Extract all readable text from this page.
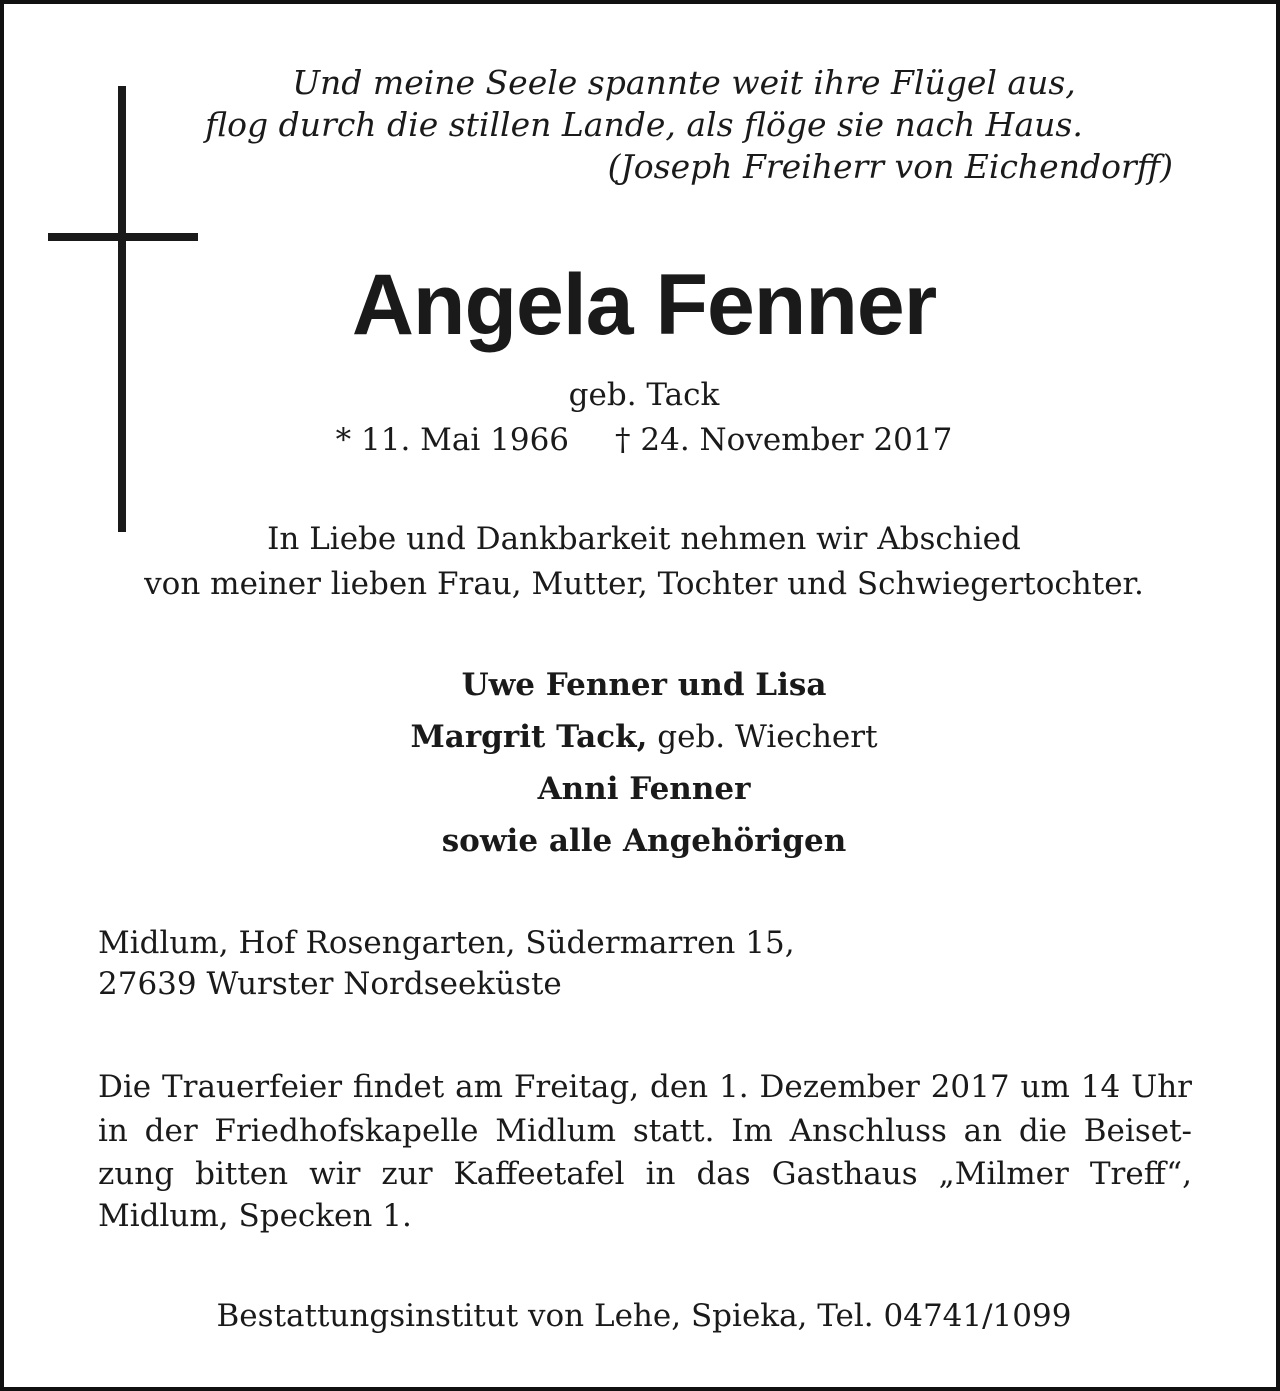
Und meine Seele spannte weit ihre Flügel aus,

flog durch die stillen Lande, als flöge sie nach Haus.

(Joseph Freiherr von Eichendorff)

Angela Fenner

geb. Tack

* 11. Mai 1966 † 24. November 2017

In Liebe und Dankbarkeit nehmen wir Abschied

von meiner lieben Frau, Mutter, Tochter und Schwiegertochter.

Uwe Fenner und Lisa

Margrit Tack, geb. Wiechert

Anni Fenner

sowie alle Angehörigen

Midlum, Hof Rosengarten, Südermarren 15,

27639 Wurster Nordseeküste

Die Trauerfeier findet am Freitag, den 1. Dezember 2017 um 14 Uhr

in der Friedhofskapelle Midlum statt. Im Anschluss an die Beiset-

zung bitten wir zur Kaffeetafel in das Gasthaus „Milmer Treff“,

Midlum, Specken 1.

Bestattungsinstitut von Lehe, Spieka, Tel. 04741/1099
